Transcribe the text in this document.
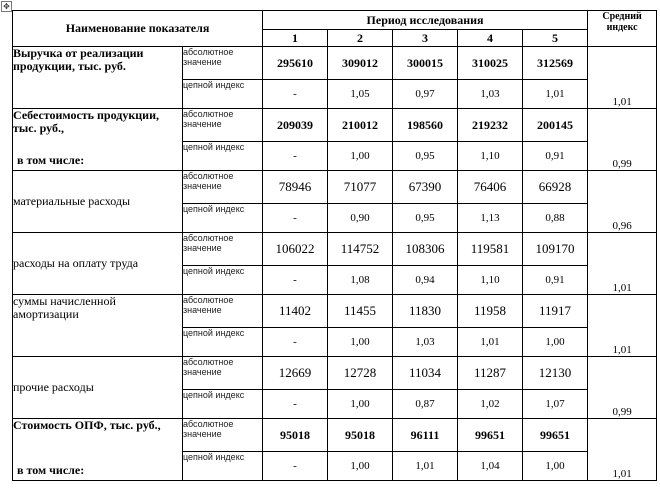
✥
Наименование показателя		Период исследования					Средний индекс
		1	2	3	4	5	
Выручка от реализации продукции, тыс. руб.	абсолютное значение	295610	309012	300015	310025	312569	1,01
	цепной индекс	-	1,05	0,97	1,03	1,01	
Себестоимость продукции, тыс. руб.,
в том числе:	абсолютное значение	209039	210012	198560	219232	200145	0,99
	цепной индекс	-	1,00	0,95	1,10	0,91	
материальные расходы	абсолютное значение	78946	71077	67390	76406	66928	0,96
	цепной индекс	-	0,90	0,95	1,13	0,88	
расходы на оплату труда	абсолютное значение	106022	114752	108306	119581	109170	1,01
	цепной индекс	-	1,08	0,94	1,10	0,91	
суммы начисленной амортизации	абсолютное значение	11402	11455	11830	11958	11917	1,01
	цепной индекс	-	1,00	1,03	1,01	1,00	
прочие расходы	абсолютное значение	12669	12728	11034	11287	12130	0,99
	цепной индекс	-	1,00	0,87	1,02	1,07	
Стоимость ОПФ, тыс. руб.,
в том числе:	абсолютное значение	95018	95018	96111	99651	99651	1,01
	цепной индекс	-	1,00	1,01	1,04	1,00	
